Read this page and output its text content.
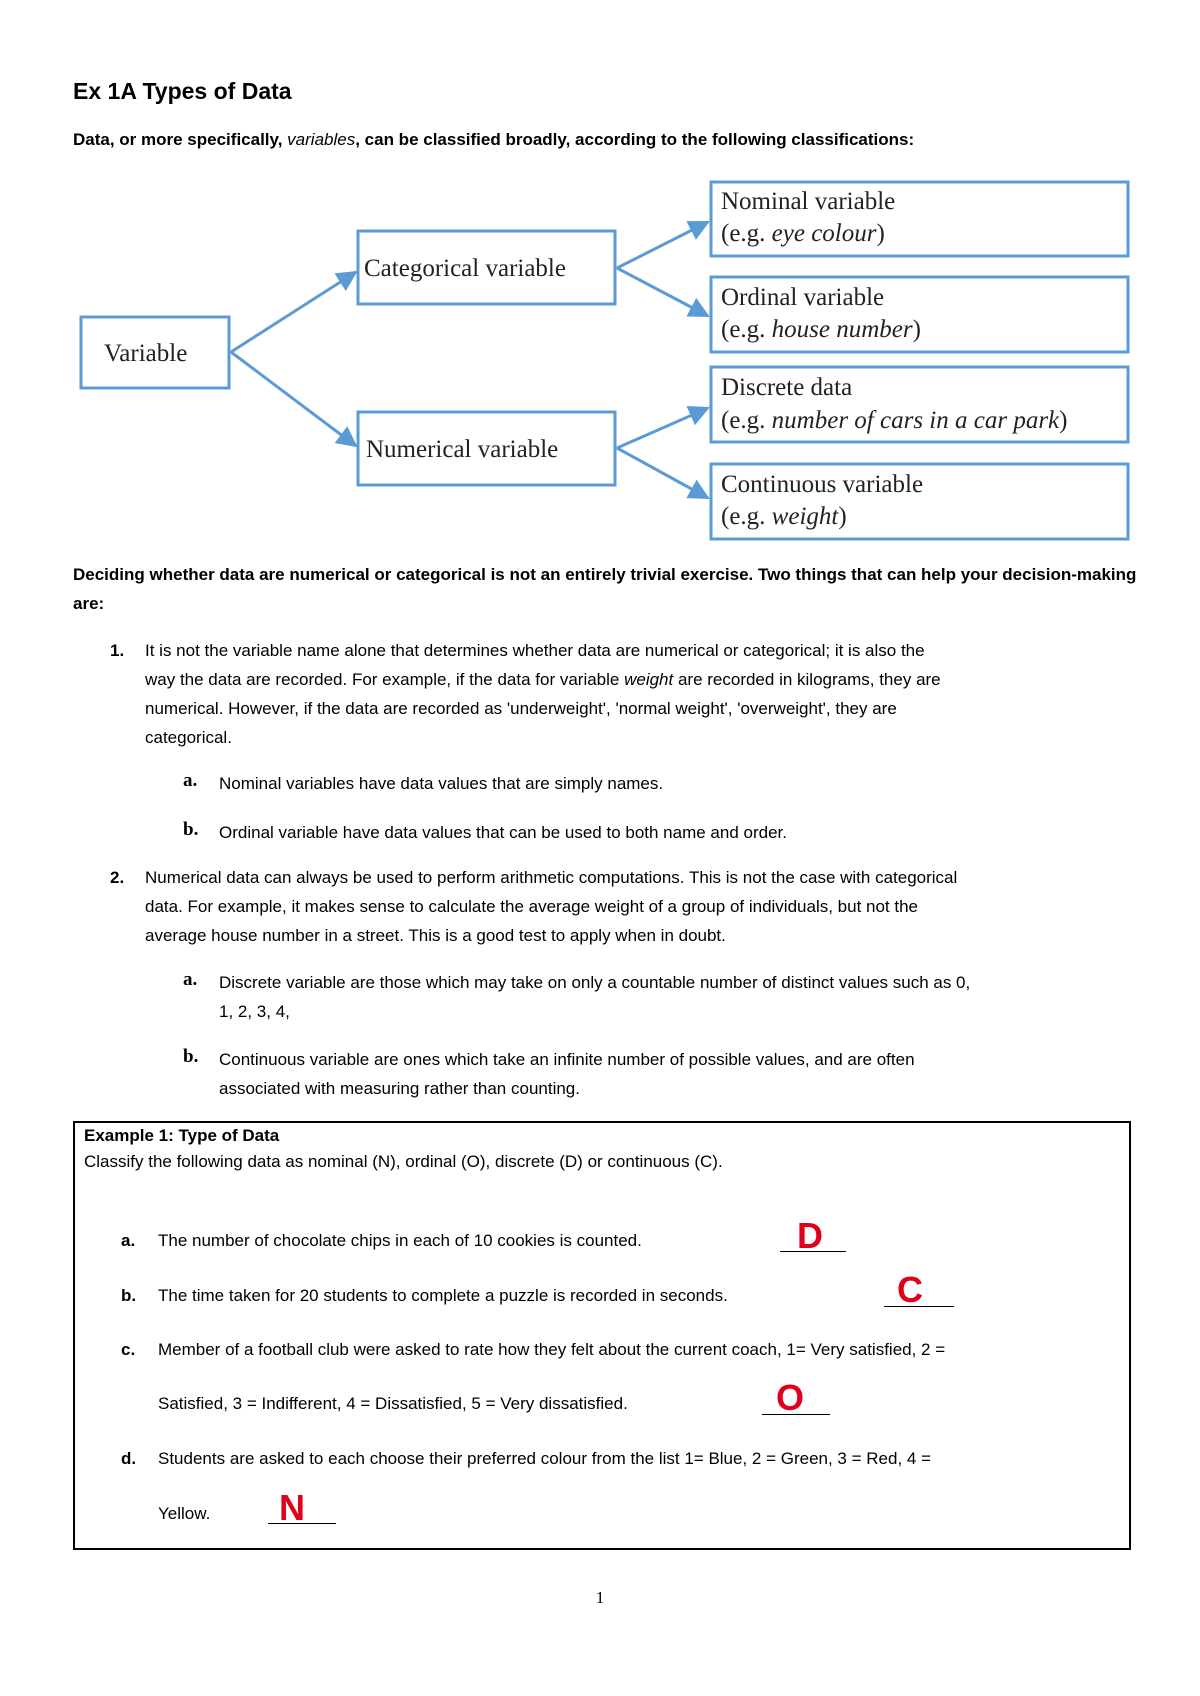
Ex 1A Types of Data
Data, or more specifically, variables, can be classified broadly, according to the following classifications:
Variable
Categorical variable
Numerical variable
Nominal variable
(e.g. eye colour)
Ordinal variable
(e.g. house number)
Discrete data
(e.g. number of cars in a car park)
Continuous variable
(e.g. weight)
Deciding whether data are numerical or categorical is not an entirely trivial exercise. Two things that can help your decision-making are:
1. It is not the variable name alone that determines whether data are numerical or categorical; it is also the
way the data are recorded. For example, if the data for variable weight are recorded in kilograms, they are
numerical. However, if the data are recorded as 'underweight', 'normal weight', 'overweight', they are
categorical.
a. Nominal variables have data values that are simply names.
b. Ordinal variable have data values that can be used to both name and order.
2. Numerical data can always be used to perform arithmetic computations. This is not the case with categorical
data. For example, it makes sense to calculate the average weight of a group of individuals, but not the
average house number in a street. This is a good test to apply when in doubt.
a. Discrete variable are those which may take on only a countable number of distinct values such as 0,
1, 2, 3, 4,
b. Continuous variable are ones which take an infinite number of possible values, and are often
associated with measuring rather than counting.
Example 1: Type of Data
Classify the following data as nominal (N), ordinal (O), discrete (D) or continuous (C).
a. The number of chocolate chips in each of 10 cookies is counted.	D
b. The time taken for 20 students to complete a puzzle is recorded in seconds.	C
c. Member of a football club were asked to rate how they felt about the current coach, 1= Very satisfied, 2 =
Satisfied, 3 = Indifferent, 4 = Dissatisfied, 5 = Very dissatisfied.	O
d. Students are asked to each choose their preferred colour from the list 1= Blue, 2 = Green, 3 = Red, 4 =
Yellow. N
1
